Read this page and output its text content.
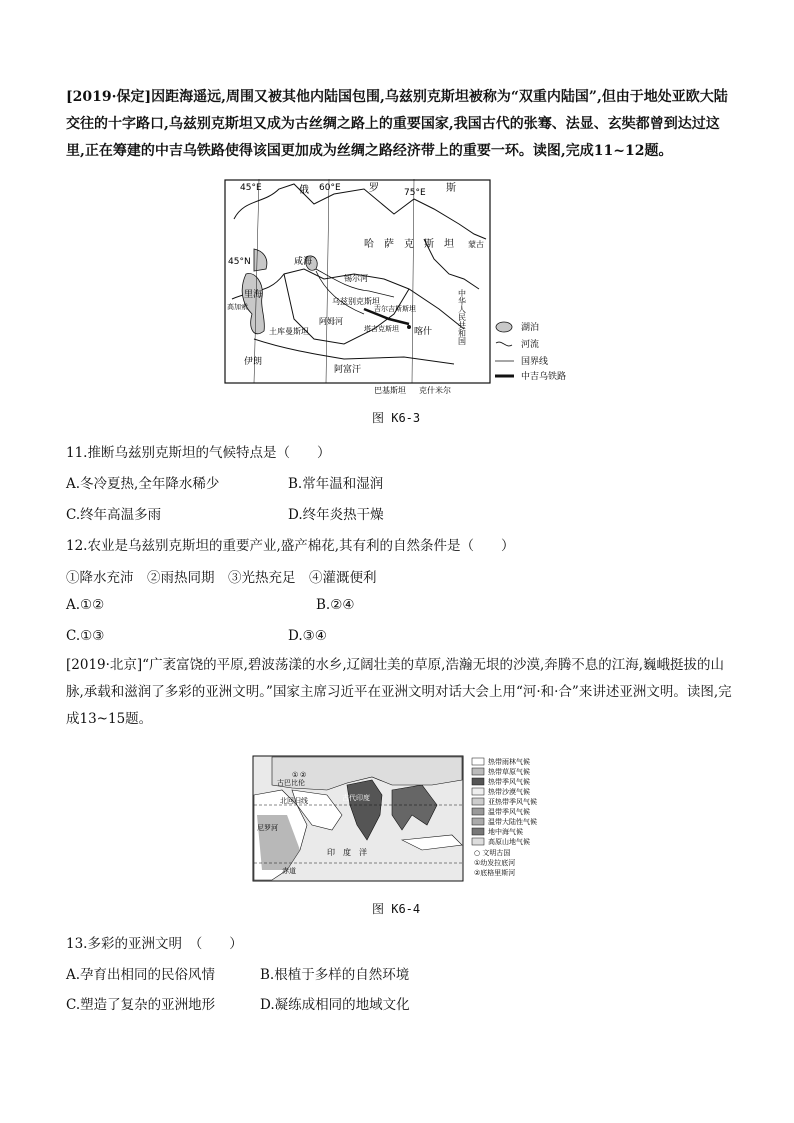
[2019·保定]因距海遥远,周围又被其他内陆国包围,乌兹别克斯坦被称为“双重内陆国”,但由于地处亚欧大陆交往的十字路口,乌兹别克斯坦又成为古丝绸之路上的重要国家,我国古代的张骞、法显、玄奘都曾到达过这里,正在筹建的中吉乌铁路使得该国更加成为丝绸之路经济带上的重要一环。读图,完成11~12题。
45°E	60°E	75°E
45°N
俄	罗	斯
哈萨克斯坦 蒙古
里海
咸海
锡尔河
阿姆河
乌兹别克斯坦
土库曼斯坦
阿富汗
伊朗
喀什	中华人民共和国
巴基斯坦 克什米尔
高加索
塔吉克斯坦
吉尔吉斯斯坦
湖泊
河流
国界线
中吉乌铁路
图 K6-3
11.推断乌兹别克斯坦的气候特点是（　　）
A.冬冷夏热,全年降水稀少	B.常年温和湿润
C.终年高温多雨	D.终年炎热干燥
12.农业是乌兹别克斯坦的重要产业,盛产棉花,其有利的自然条件是（　　）
①降水充沛　②雨热同期　③光热充足　④灌溉便利
A.①②	B.②④
C.①③	D.③④
[2019·北京]“广袤富饶的平原,碧波荡漾的水乡,辽阔壮美的草原,浩瀚无垠的沙漠,奔腾不息的江海,巍峨挺拔的山脉,承载和滋润了多彩的亚洲文明。”国家主席习近平在亚洲文明对话大会上用“河·和·合”来讲述亚洲文明。读图,完成13~15题。
古巴比伦
北回归线	古代印度
印　度　洋
赤道
尼罗河
① ②
热带雨林气候
热带草原气候
热带季风气候
热带沙漠气候
亚热带季风气候
温带季风气候
温带大陆性气候
地中海气候
高原山地气候
○ 文明古国
①幼发拉底河
②底格里斯河
图 K6-4
13.多彩的亚洲文明　（　　）
A.孕育出相同的民俗风情	B.根植于多样的自然环境
C.塑造了复杂的亚洲地形	D.凝练成相同的地域文化
